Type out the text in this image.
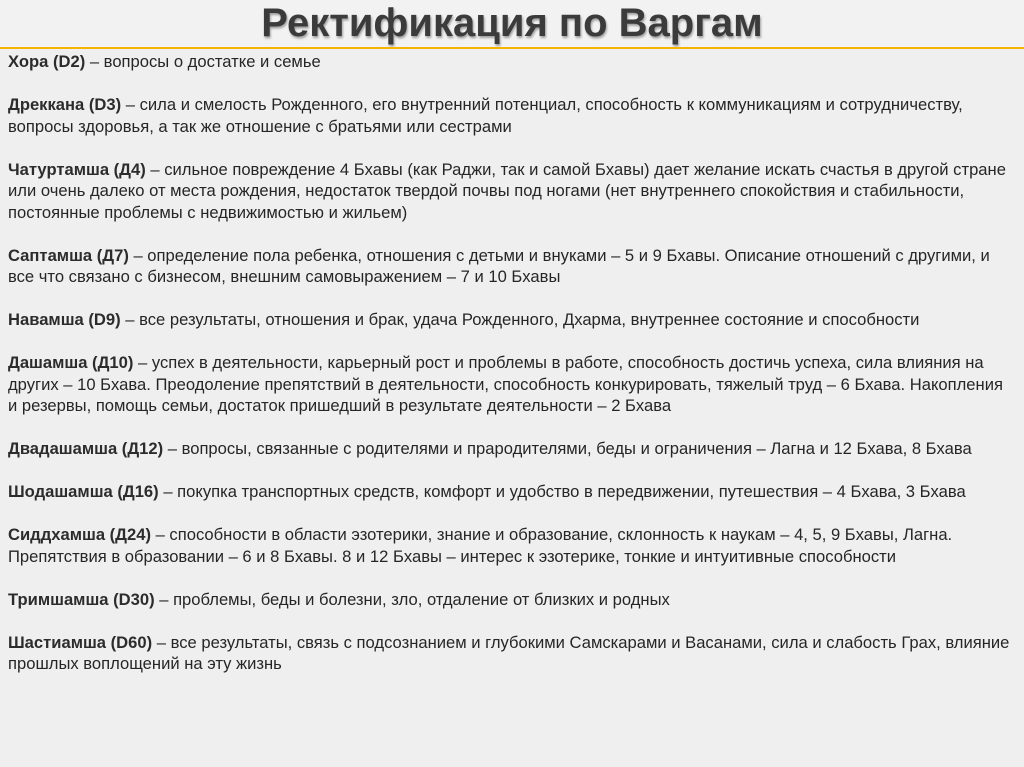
Ректификация по Варгам

Хора (D2) – вопросы о достатке и семье

Дреккана (D3) – сила и смелость Рожденного, его внутренний потенциал, способность к коммуникациям и сотрудничеству, вопросы здоровья, а так же отношение с братьями или сестрами

Чатуртамша (Д4) – сильное повреждение 4 Бхавы (как Раджи, так и самой Бхавы) дает желание искать счастья в другой стране или очень далеко от места рождения, недостаток твердой почвы под ногами (нет внутреннего спокойствия и стабильности, постоянные проблемы с недвижимостью и жильем)

Саптамша (Д7) – определение пола ребенка, отношения с детьми и внуками – 5 и 9 Бхавы. Описание отношений с другими, и все что связано с бизнесом, внешним самовыражением – 7 и 10 Бхавы

Навамша (D9) – все результаты, отношения и брак, удача Рожденного, Дхарма, внутреннее состояние и способности

Дашамша (Д10) – успех в деятельности, карьерный рост и проблемы в работе, способность достичь успеха, сила влияния на других – 10 Бхава. Преодоление препятствий в деятельности, способность конкурировать, тяжелый труд – 6 Бхава. Накопления и резервы, помощь семьи, достаток пришедший в результате деятельности – 2 Бхава

Двадашамша (Д12) – вопросы, связанные с родителями и прародителями, беды и ограничения – Лагна и 12 Бхава, 8 Бхава

Шодашамша (Д16) – покупка транспортных средств, комфорт и удобство в передвижении, путешествия – 4 Бхава, 3 Бхава

Сиддхамша (Д24) – способности в области эзотерики, знание и образование, склонность к наукам – 4, 5, 9 Бхавы, Лагна. Препятствия в образовании – 6 и 8 Бхавы. 8 и 12 Бхавы – интерес к эзотерике, тонкие и интуитивные способности

Тримшамша (D30) – проблемы, беды и болезни, зло, отдаление от близких и родных

Шастиамша (D60) – все результаты, связь с подсознанием и глубокими Самскарами и Васанами, сила и слабость Грах, влияние прошлых воплощений на эту жизнь
